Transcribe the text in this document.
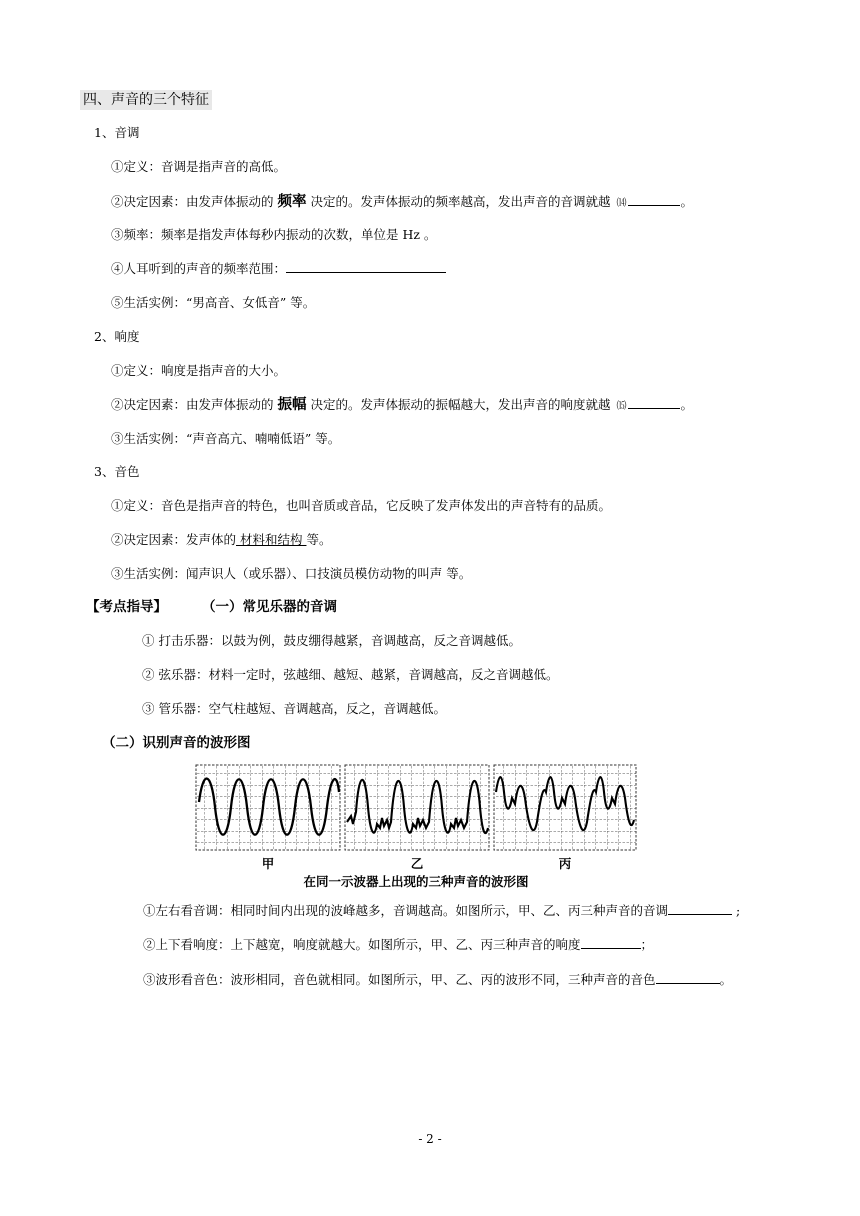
四、声音的三个特征
1、音调
①定义：音调是指声音的高低。
②决定因素：由发声体振动的 频率 决定的。发声体振动的频率越高，发出声音的音调就越 ⒁	。
③频率：频率是指发声体每秒内振动的次数，单位是 Hz 。
④人耳听到的声音的频率范围：
⑤生活实例：“男高音、女低音” 等。
2、响度
①定义：响度是指声音的大小。
②决定因素：由发声体振动的 振幅 决定的。发声体振动的振幅越大，发出声音的响度就越 ⒂	。
③生活实例：“声音高亢、喃喃低语” 等。
3、音色
①定义：音色是指声音的特色，也叫音质或音品，它反映了发声体发出的声音特有的品质。
②决定因素：发声体的 材料和结构 等。
③生活实例：闻声识人（或乐器）、口技演员模仿动物的叫声 等。
【考点指导】	（一）常见乐器的音调
① 打击乐器：以鼓为例，鼓皮绷得越紧，音调越高，反之音调越低。
② 弦乐器：材料一定时，弦越细、越短、越紧，音调越高，反之音调越低。
③ 管乐器：空气柱越短、音调越高，反之，音调越低。
（二）识别声音的波形图
甲	乙	丙
在同一示波器上出现的三种声音的波形图
①左右看音调：相同时间内出现的波峰越多，音调越高。如图所示，甲、乙、丙三种声音的音调	;
②上下看响度：上下越宽，响度就越大。如图所示，甲、乙、丙三种声音的响度	；
③波形看音色：波形相同，音色就相同。如图所示，甲、乙、丙的波形不同，三种声音的音色	。
- 2 -
